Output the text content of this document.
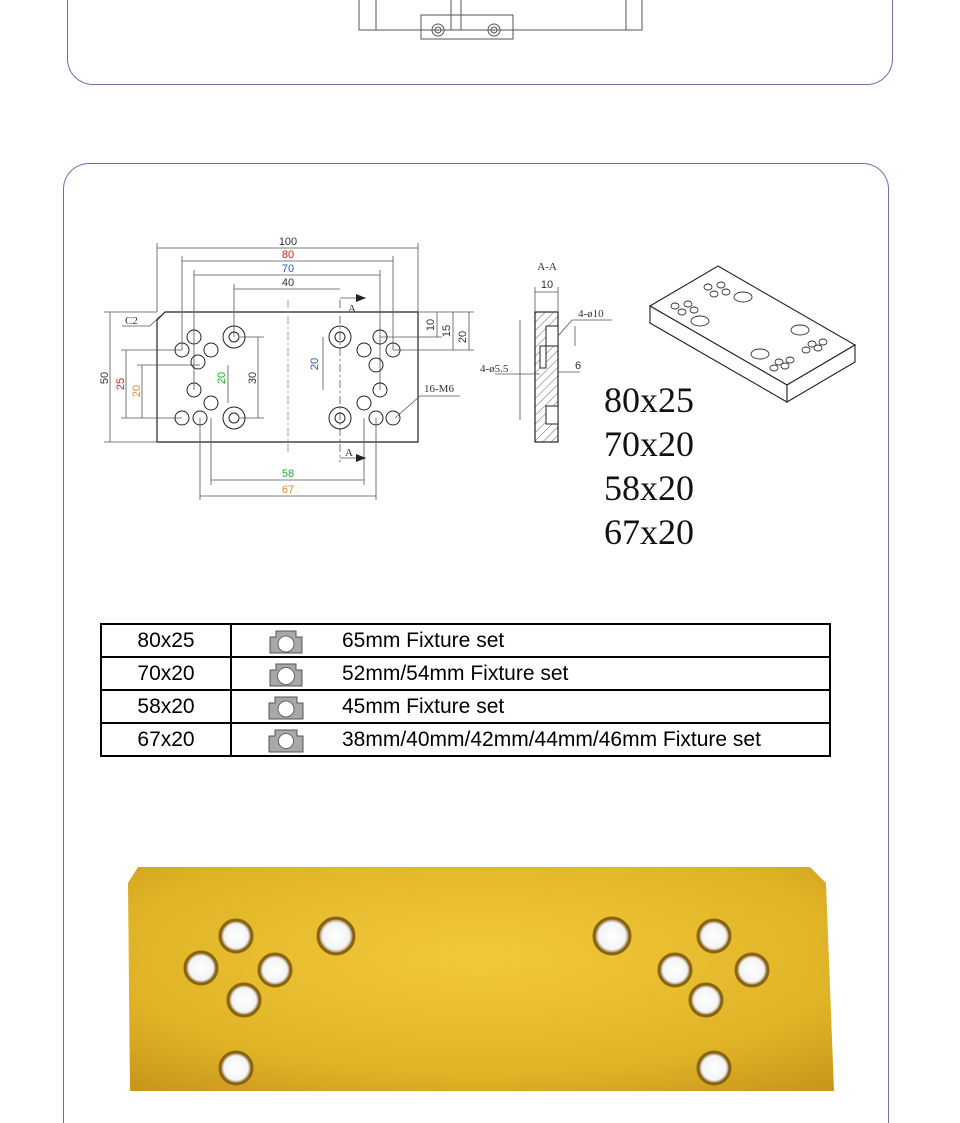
100
80
70
40
50 25
20
20 30
20
10 15 20
58
67
C2
A
A
16-M6
A-A
10
4-ø10
4-ø5.5	6
80x25
70x20
58x20
67x20
80x25	65mm Fixture set

70x20	52mm/54mm Fixture set

58x20	45mm Fixture set

67x20	38mm/40mm/42mm/44mm/46mm Fixture set
